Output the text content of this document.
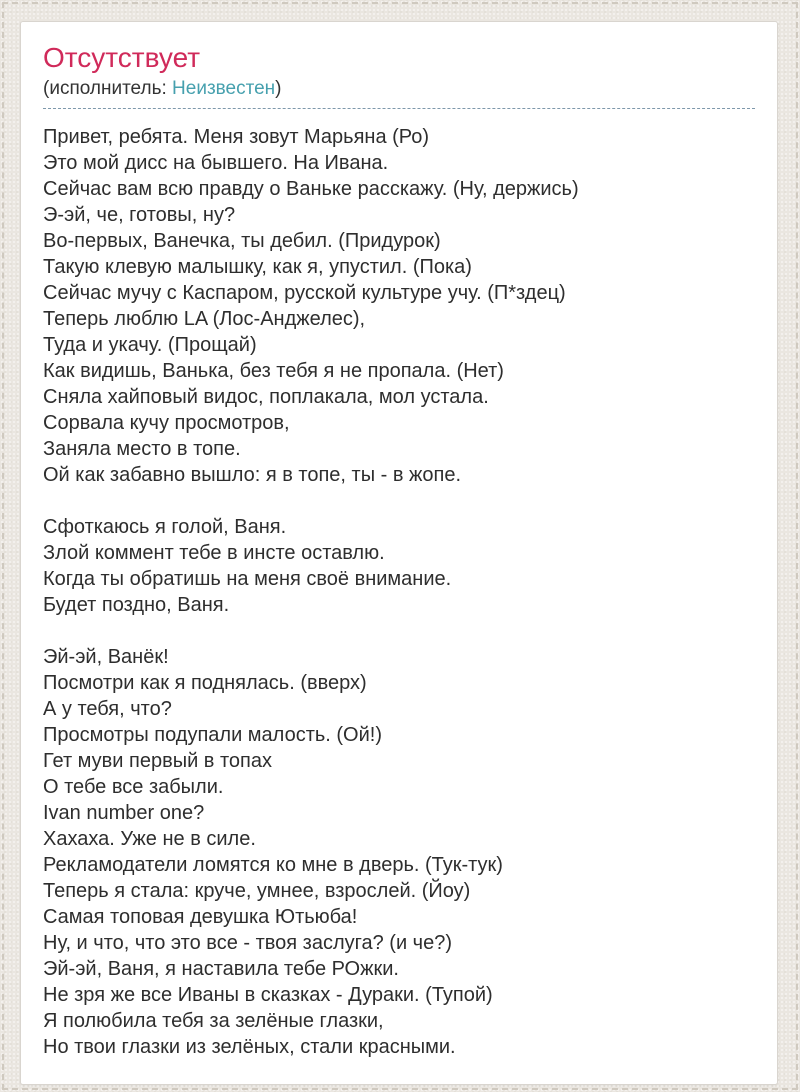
Отсутствует
(исполнитель: Неизвестен)
Привет, ребята. Меня зовут Марьяна (Ро)
Это мой дисс на бывшего. На Ивана.
Сейчас вам всю правду о Ваньке расскажу. (Ну, держись)
Э-эй, че, готовы, ну?
Во-первых, Ванечка, ты дебил. (Придурок)
Такую клевую малышку, как я, упустил. (Пока)
Сейчас мучу с Каспаром, русской культуре учу. (П*здец)
Теперь люблю LA (Лос-Анджелес),
Туда и укачу. (Прощай)
Как видишь, Ванька, без тебя я не пропала. (Нет)
Сняла хайповый видос, поплакала, мол устала.
Сорвала кучу просмотров,
Заняла место в топе.
Ой как забавно вышло: я в топе, ты - в жопе.
Сфоткаюсь я голой, Ваня.
Злой коммент тебе в инсте оставлю.
Когда ты обратишь на меня своё внимание.
Будет поздно, Ваня.
Эй-эй, Ванёк!
Посмотри как я поднялась. (вверх)
А у тебя, что?
Просмотры подупали малость. (Ой!)
Гет муви первый в топах
О тебе все забыли.
Ivan number one?
Хахаха. Уже не в силе.
Рекламодатели ломятся ко мне в дверь. (Тук-тук)
Теперь я стала: круче, умнее, взрослей. (Йоу)
Самая топовая девушка Ютьюба!
Ну, и что, что это все - твоя заслуга? (и че?)
Эй-эй, Ваня, я наставила тебе РОжки.
Не зря же все Иваны в сказках - Дураки. (Тупой)
Я полюбила тебя за зелёные глазки,
Но твои глазки из зелёных, стали красными.
